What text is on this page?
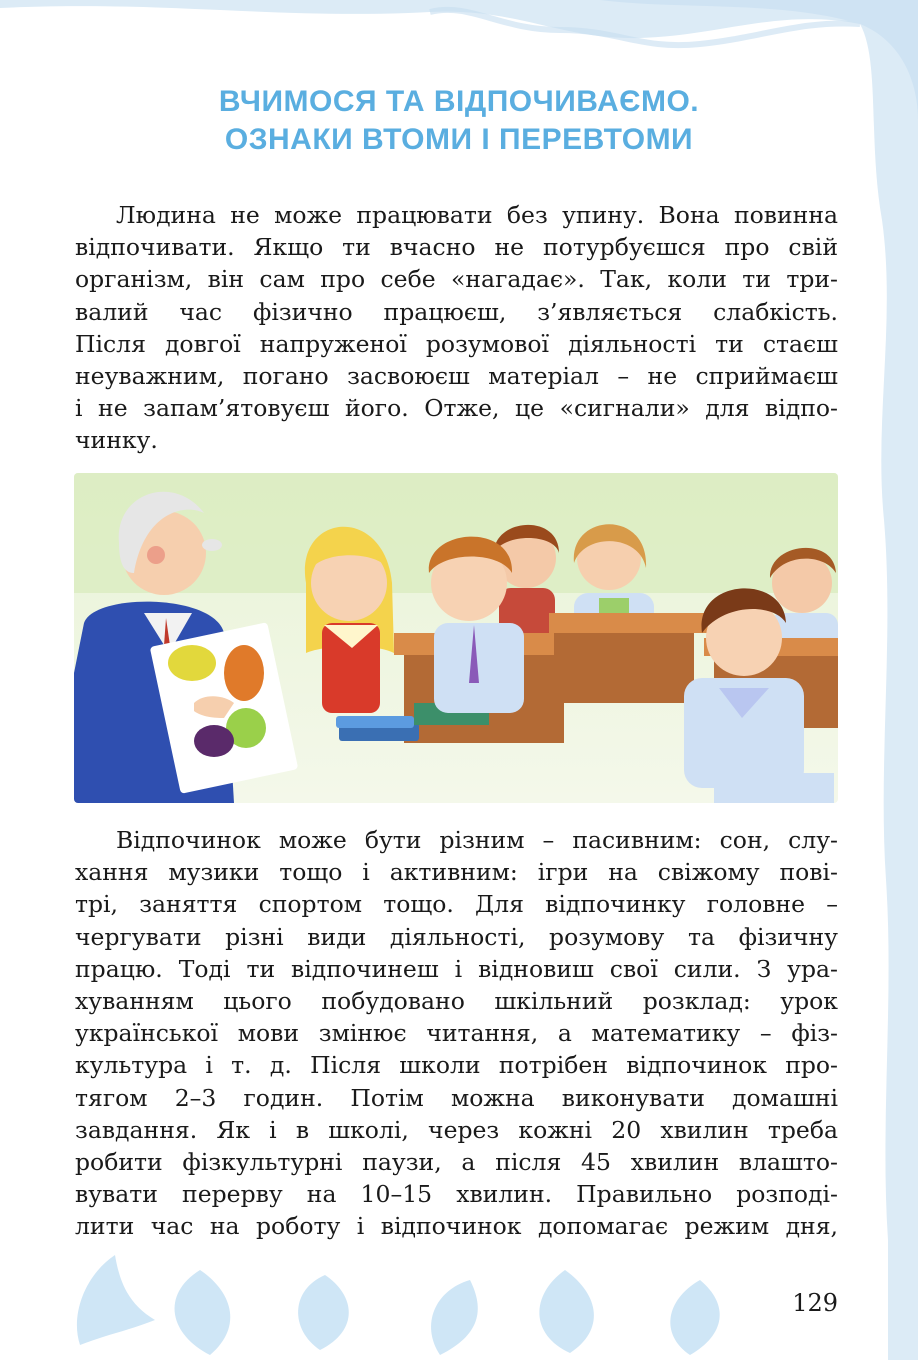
ВЧИМОСЯ ТА ВІДПОЧИВАЄМО.
ОЗНАКИ ВТОМИ І ПЕРЕВТОМИ
Людина не може працювати без упину. Вона повинна
відпочивати. Якщо ти вчасно не потурбуєшся про свій
організм, він сам про себе «нагадає». Так, коли ти три-
валий час фізично працюєш, з’являється слабкість.
Після довгої напруженої розумової діяльності ти стаєш
неуважним, погано засвоюєш матеріал – не сприймаєш
і не запам’ятовуєш його. Отже, це «сигнали» для відпо-
чинку.
Відпочинок може бути різним – пасивним: сон, слу-
хання музики тощо і активним: ігри на свіжому пові-
трі, заняття спортом тощо. Для відпочинку головне –
чергувати різні види діяльності, розумову та фізичну
працю. Тоді ти відпочинеш і відновиш свої сили. З ура-
хуванням цього побудовано шкільний розклад: урок
української мови змінює читання, а математику – фіз-
культура і т. д. Після школи потрібен відпочинок про-
тягом 2–3 годин. Потім можна виконувати домашні
завдання. Як і в школі, через кожні 20 хвилин треба
робити фізкультурні паузи, а після 45 хвилин влашто-
вувати перерву на 10–15 хвилин. Правильно розподі-
лити час на роботу і відпочинок допомагає режим дня,
129
